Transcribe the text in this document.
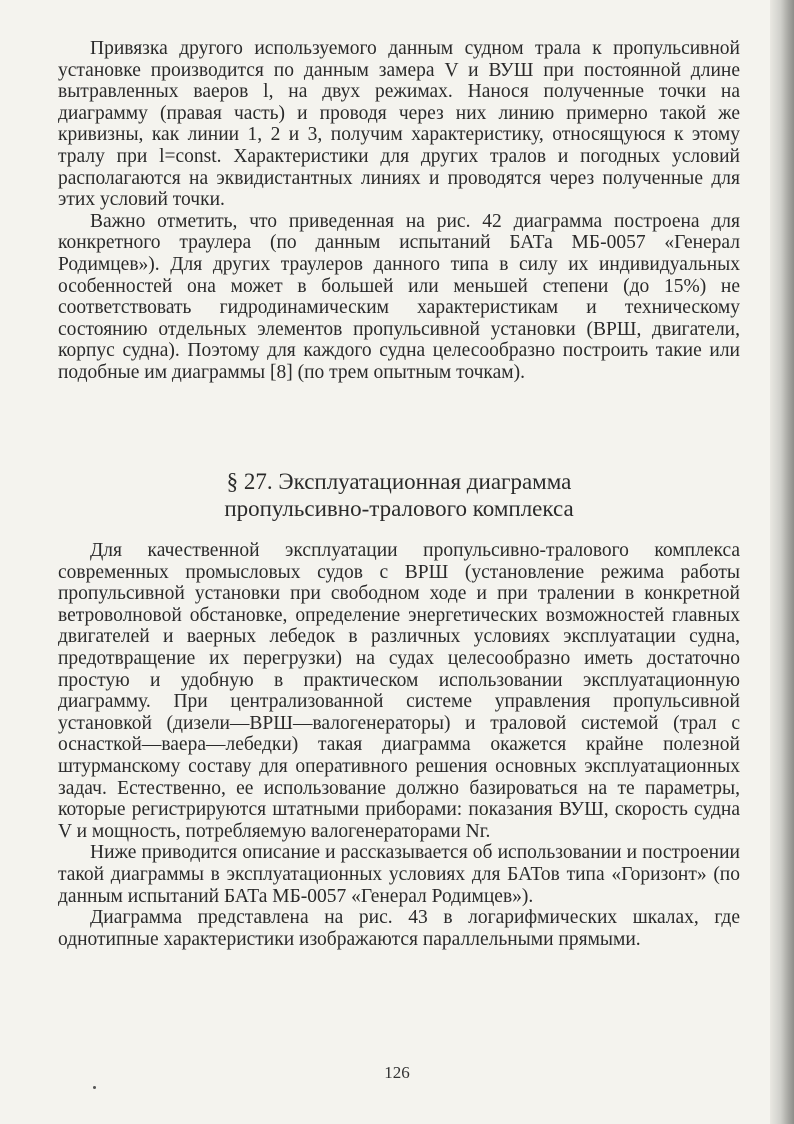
Привязка другого используемого данным судном трала к пропульсивной установке производится по данным замера V и ВУШ при постоянной длине вытравленных ваеров l, на двух режимах. Нанося полученные точки на диаграмму (правая часть) и проводя через них линию примерно такой же кривизны, как линии 1, 2 и 3, получим характеристику, относящуюся к этому тралу при l=const. Характеристики для других тралов и погодных условий располагаются на эквидистантных линиях и проводятся через полученные для этих условий точки.

Важно отметить, что приведенная на рис. 42 диаграмма построена для конкретного траулера (по данным испытаний БАТа МБ-0057 «Генерал Родимцев»). Для других траулеров данного типа в силу их индивидуальных особенностей она может в большей или меньшей степени (до 15%) не соответствовать гидродинамическим характеристикам и техническому состоянию отдельных элементов пропульсивной установки (ВРШ, двигатели, корпус судна). Поэтому для каждого судна целесообразно построить такие или подобные им диаграммы [8] (по трем опытным точкам).

§ 27. Эксплуатационная диаграмма
пропульсивно-тралового комплекса

Для качественной эксплуатации пропульсивно-тралового комплекса современных промысловых судов с ВРШ (установление режима работы пропульсивной установки при свободном ходе и при тралении в конкретной ветроволновой обстановке, определение энергетических возможностей главных двигателей и ваерных лебедок в различных условиях эксплуатации судна, предотвращение их перегрузки) на судах целесообразно иметь достаточно простую и удобную в практическом использовании эксплуатационную диаграмму. При централизованной системе управления пропульсивной установкой (дизели—ВРШ—валогенераторы) и траловой системой (трал с оснасткой—ваера—лебедки) такая диаграмма окажется крайне полезной штурманскому составу для оперативного решения основных эксплуатационных задач. Естественно, ее использование должно базироваться на те параметры, которые регистрируются штатными приборами: показания ВУШ, скорость судна V и мощность, потребляемую валогенераторами Nг.

Ниже приводится описание и рассказывается об использовании и построении такой диаграммы в эксплуатационных условиях для БАТов типа «Горизонт» (по данным испытаний БАТа МБ-0057 «Генерал Родимцев»).

Диаграмма представлена на рис. 43 в логарифмических шкалах, где однотипные характеристики изображаются параллельными прямыми.

126
